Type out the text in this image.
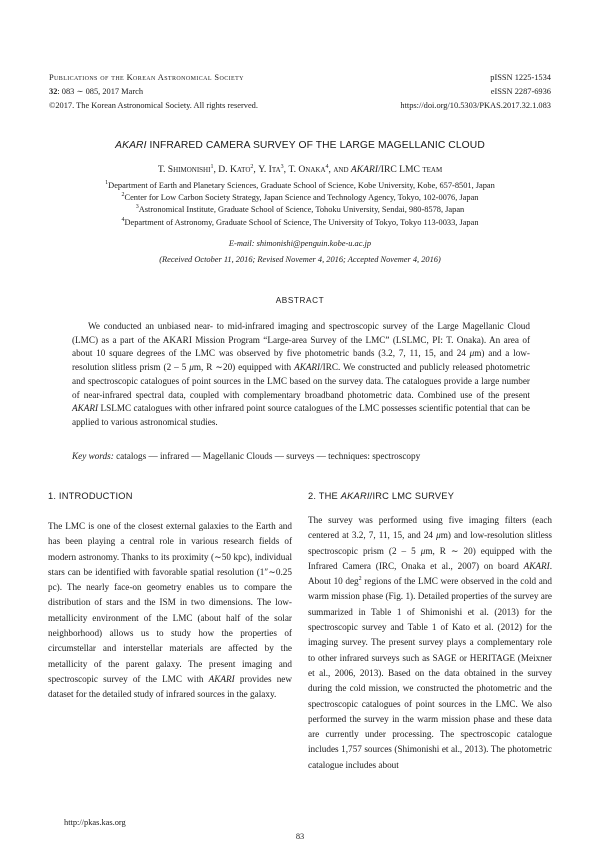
Publications of the Korean Astronomical Society
32: 083 ∼ 085, 2017 March
©2017. The Korean Astronomical Society. All rights reserved.
pISSN 1225-1534
eISSN 2287-6936
https://doi.org/10.5303/PKAS.2017.32.1.083
AKARI INFRARED CAMERA SURVEY OF THE LARGE MAGELLANIC CLOUD
T. Shimonishi$^1$, D. Kato$^2$, Y. Ita$^3$, T. Onaka$^4$, and AKARI/IRC LMC team
$^1$Department of Earth and Planetary Sciences, Graduate School of Science, Kobe University, Kobe, 657-8501, Japan
$^2$Center for Low Carbon Society Strategy, Japan Science and Technology Agency, Tokyo, 102-0076, Japan
$^3$Astronomical Institute, Graduate School of Science, Tohoku University, Sendai, 980-8578, Japan
$^4$Department of Astronomy, Graduate School of Science, The University of Tokyo, Tokyo 113-0033, Japan
E-mail: shimonishi@penguin.kobe-u.ac.jp
(Received October 11, 2016; Revised Novemer 4, 2016; Accepted Novemer 4, 2016)
ABSTRACT
We conducted an unbiased near- to mid-infrared imaging and spectroscopic survey of the Large Magellanic Cloud (LMC) as a part of the AKARI Mission Program “Large-area Survey of the LMC” (LSLMC, PI: T. Onaka). An area of about 10 square degrees of the LMC was observed by five photometric bands (3.2, 7, 11, 15, and 24 μm) and a low-resolution slitless prism (2 – 5 μm, R ∼20) equipped with AKARI/IRC. We constructed and publicly released photometric and spectroscopic catalogues of point sources in the LMC based on the survey data. The catalogues provide a large number of near-infrared spectral data, coupled with complementary broadband photometric data. Combined use of the present AKARI LSLMC catalogues with other infrared point source catalogues of the LMC possesses scientific potential that can be applied to various astronomical studies.
Key words: catalogs — infrared — Magellanic Clouds — surveys — techniques: spectroscopy
1. INTRODUCTION	2. THE AKARI/IRC LMC SURVEY
The LMC is one of the closest external galaxies to the Earth and has been playing a central role in various research fields of modern astronomy. Thanks to its proximity (∼50 kpc), individual stars can be identified with favorable spatial resolution (1″∼0.25 pc). The nearly face-on geometry enables us to compare the distribution of stars and the ISM in two dimensions. The low-metallicity environment of the LMC (about half of the solar neighborhood) allows us to study how the properties of circumstellar and interstellar materials are affected by the metallicity of the parent galaxy. The present imaging and spectroscopic survey of the LMC with AKARI provides new dataset for the detailed study of infrared sources in the galaxy.
The survey was performed using five imaging filters (each centered at 3.2, 7, 11, 15, and 24 μm) and low-resolution slitless spectroscopic prism (2 – 5 μm, R ∼ 20) equipped with the Infrared Camera (IRC, Onaka et al., 2007) on board AKARI. About 10 deg$^2$ regions of the LMC were observed in the cold and warm mission phase (Fig. 1). Detailed properties of the survey are summarized in Table 1 of Shimonishi et al. (2013) for the spectroscopic survey and Table 1 of Kato et al. (2012) for the imaging survey. The present survey plays a complementary role to other infrared surveys such as SAGE or HERITAGE (Meixner et al., 2006, 2013). Based on the data obtained in the survey during the cold mission, we constructed the photometric and the spectroscopic catalogues of point sources in the LMC. We also performed the survey in the warm mission phase and these data are currently under processing. The spectroscopic catalogue includes 1,757 sources (Shimonishi et al., 2013). The photometric catalogue includes about
http://pkas.kas.org
83
